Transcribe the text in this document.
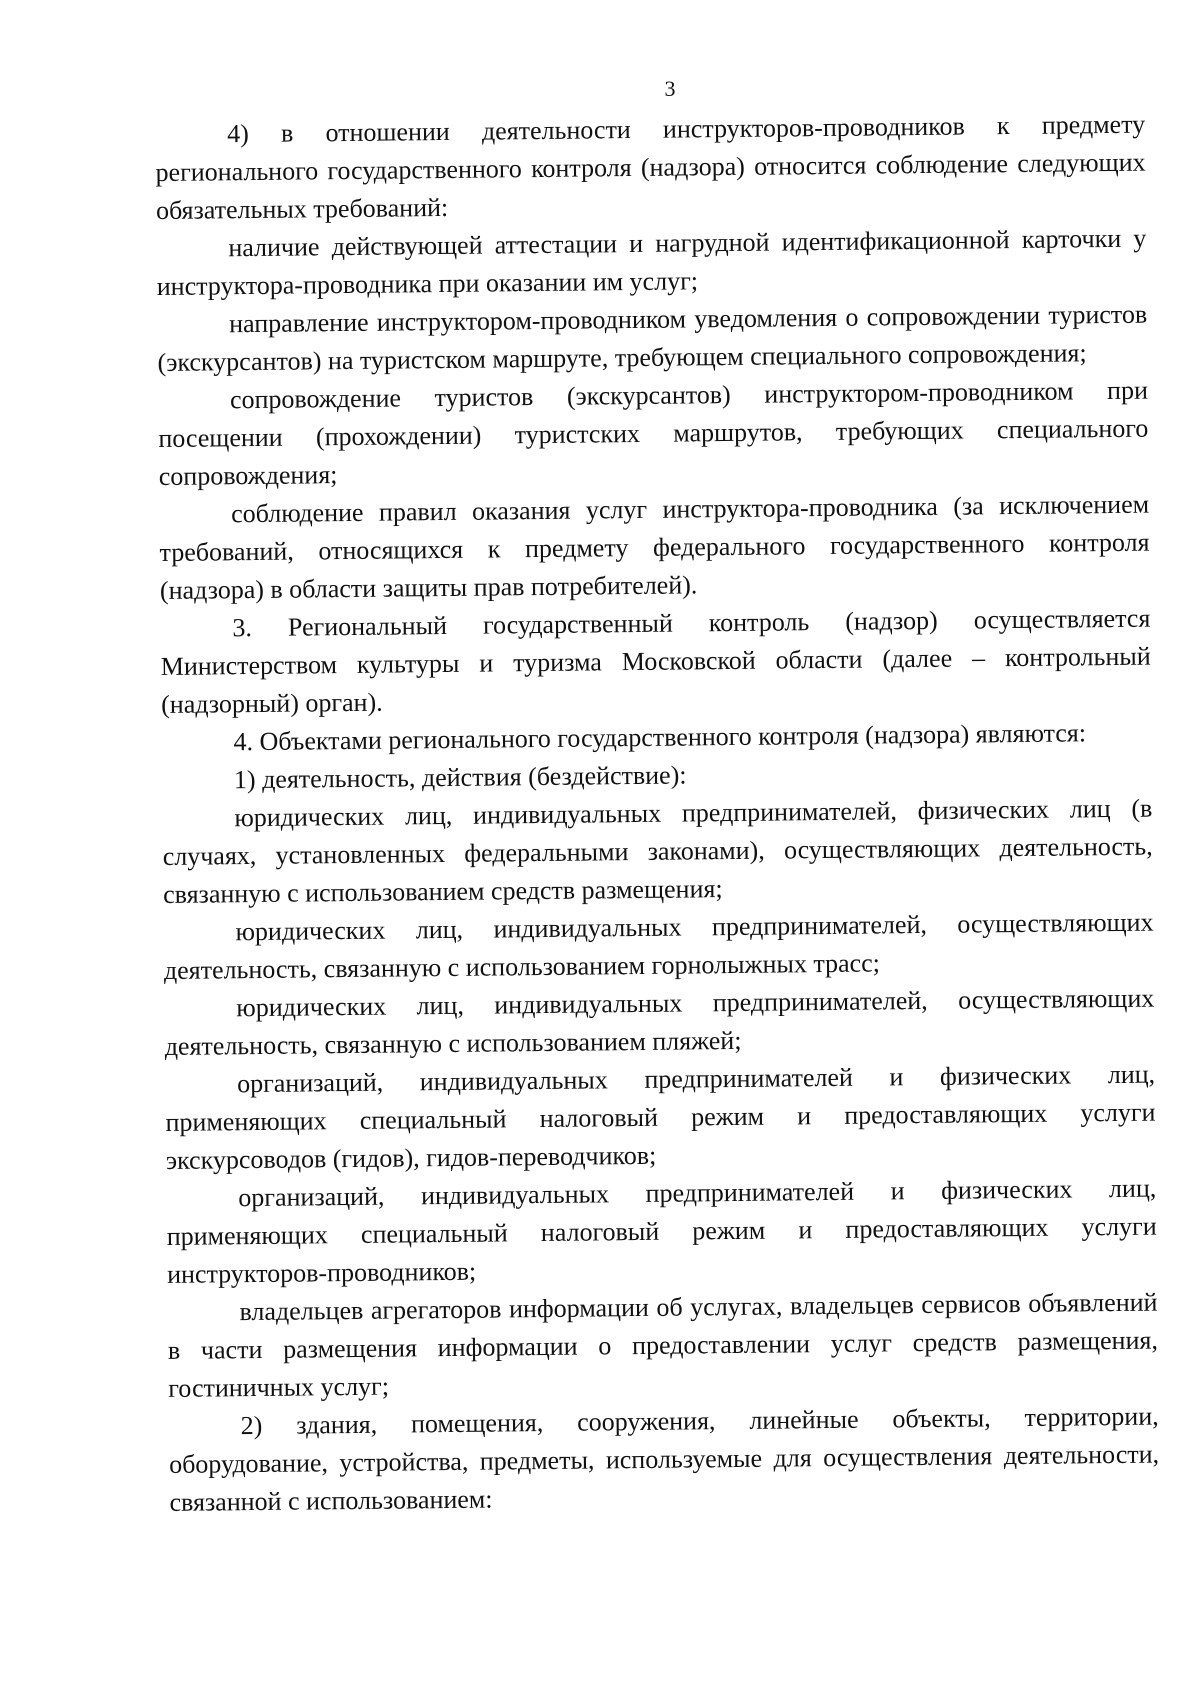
3

4) в отношении деятельности инструкторов-проводников к предмету регионального государственного контроля (надзора) относится соблюдение следующих обязательных требований:

наличие действующей аттестации и нагрудной идентификационной карточки у инструктора-проводника при оказании им услуг;

направление инструктором-проводником уведомления о сопровождении туристов (экскурсантов) на туристском маршруте, требующем специального сопровождения;

сопровождение туристов (экскурсантов) инструктором-проводником при посещении (прохождении) туристских маршрутов, требующих специального сопровождения;

соблюдение правил оказания услуг инструктора-проводника (за исключением требований, относящихся к предмету федерального государственного контроля (надзора) в области защиты прав потребителей).

3. Региональный государственный контроль (надзор) осуществляется Министерством культуры и туризма Московской области (далее – контрольный (надзорный) орган).

4. Объектами регионального государственного контроля (надзора) являются:

1) деятельность, действия (бездействие):

юридических лиц, индивидуальных предпринимателей, физических лиц (в случаях, установленных федеральными законами), осуществляющих деятельность, связанную с использованием средств размещения;

юридических лиц, индивидуальных предпринимателей, осуществляющих деятельность, связанную с использованием горнолыжных трасс;

юридических лиц, индивидуальных предпринимателей, осуществляющих деятельность, связанную с использованием пляжей;

организаций, индивидуальных предпринимателей и физических лиц, применяющих специальный налоговый режим и предоставляющих услуги экскурсоводов (гидов), гидов-переводчиков;

организаций, индивидуальных предпринимателей и физических лиц, применяющих специальный налоговый режим и предоставляющих услуги инструкторов-проводников;

владельцев агрегаторов информации об услугах, владельцев сервисов объявлений в части размещения информации о предоставлении услуг средств размещения, гостиничных услуг;

2) здания, помещения, сооружения, линейные объекты, территории, оборудование, устройства, предметы, используемые для осуществления деятельности, связанной с использованием:
